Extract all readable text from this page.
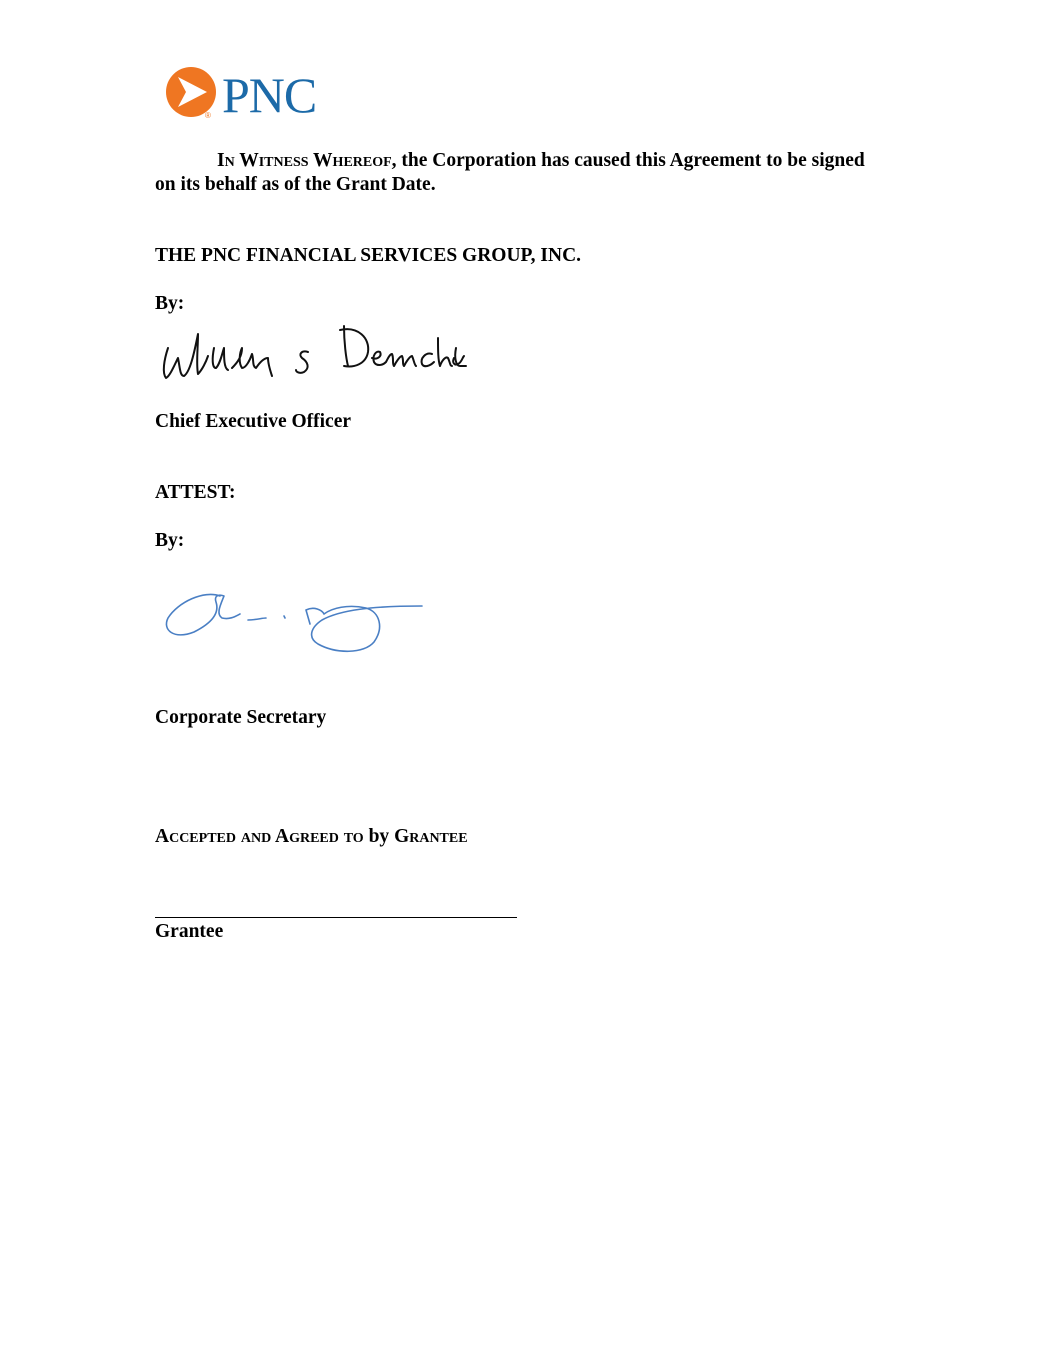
® PNC
In Witness Whereof, the Corporation has caused this Agreement to be signed on its behalf as of the Grant Date.
THE PNC FINANCIAL SERVICES GROUP, INC.
By:
Chief Executive Officer
ATTEST:
By:
Corporate Secretary
Accepted and Agreed to by Grantee
Grantee
